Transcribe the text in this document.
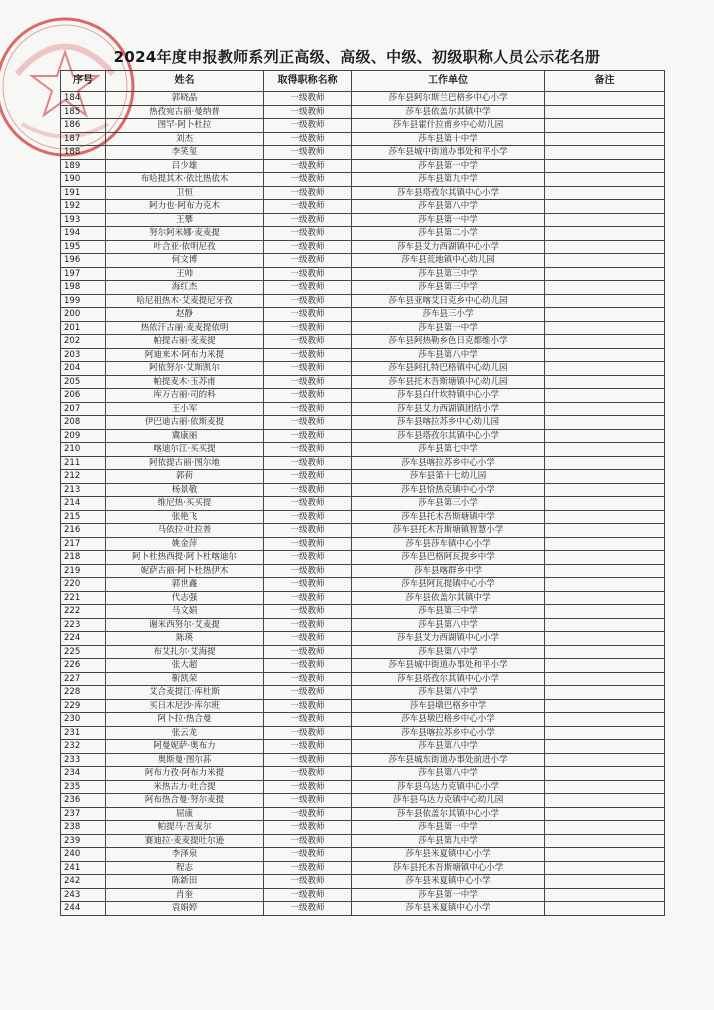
2024年度申报教师系列正高级、高级、中级、初级职称人员公示花名册
序号	姓名	取得职称名称	工作单位	备注
184	郭晓晶	一级教师	莎车县阿尔斯兰巴格乡中心小学	
185	热孜宛古丽·曼纳普	一级教师	莎车县依盖尔其镇中学	
186	图罕·阿卜杜拉	一级教师	莎车县霍什拉甫乡中心幼儿园	
187	刘杰	一级教师	莎车县第十中学	
188	李笑玺	一级教师	莎车县城中街道办事处和平小学	
189	吕少雄	一级教师	莎车县第一中学	
190	布哈提其木·依比热依木	一级教师	莎车县第九中学	
191	卫恒	一级教师	莎车县塔孜尔其镇中心小学	
192	阿力也·阿布力克木	一级教师	莎车县第八中学	
193	王攀	一级教师	莎车县第一中学	
194	努尔阿米娜·麦麦提	一级教师	莎车县第二小学	
195	叶合亚·依明尼孜	一级教师	莎车县艾力西湖镇中心小学	
196	何文博	一级教师	莎车县荒地镇中心幼儿园	
197	王帅	一级教师	莎车县第三中学	
198	海红杰	一级教师	莎车县第三中学	
199	哈尼祖热木·艾麦提尼牙孜	一级教师	莎车县亚喀艾日克乡中心幼儿园	
200	赵静	一级教师	莎车县三小学	
201	热依汗古丽·麦麦提依明	一级教师	莎车县第一中学	
202	帕提古丽·麦麦提	一级教师	莎车县阿热勒乡色日克都维小学	
203	阿迪来木·阿布力米提	一级教师	莎车县第八中学	
204	阿依努尔·艾斯凯尔	一级教师	莎车县阿扎特巴格镇中心幼儿园	
205	帕提麦木·玉苏甫	一级教师	莎车县托木吾斯塘镇中心幼儿园	
206	库万吉丽·司的科	一级教师	莎车县白什坎特镇中心小学	
207	王小军	一级教师	莎车县艾力西湖镇团结小学	
208	伊巴迪古丽·依斯麦提	一级教师	莎车县喀拉苏乡中心幼儿园	
209	冀康丽	一级教师	莎车县塔孜尔其镇中心小学	
210	喀迪尔江·买买提	一级教师	莎车县第七中学	
211	阿依提古丽·图尔地	一级教师	莎车县喀拉苏乡中心小学	
212	郭荷	一级教师	莎车县第十七幼儿园	
213	杨景敬	一级教师	莎车县恰热克镇中心小学	
214	维尼热·买买提	一级教师	莎车县第三小学	
215	张艳飞	一级教师	莎车县托木吾斯塘镇中学	
216	马依拉·吐拉普	一级教师	莎车县托木吾斯塘镇智慧小学	
217	姚金萍	一级教师	莎车县莎车镇中心小学	
218	阿卜杜热西提·阿卜杜喀迪尔	一级教师	莎车县巴格阿瓦提乡中学	
219	妮萨古丽·阿卜杜热伊木	一级教师	莎车县喀群乡中学	
220	郭世鑫	一级教师	莎车县阿瓦提镇中心小学	
221	代志强	一级教师	莎车县依盖尔其镇中学	
222	马文娟	一级教师	莎车县第三中学	
223	谢米西努尔·艾麦提	一级教师	莎车县第八中学	
224	陈瑛	一级教师	莎车县艾力西湖镇中心小学	
225	布艾扎尔·艾海提	一级教师	莎车县第八中学	
226	张大超	一级教师	莎车县城中街道办事处和平小学	
227	靳凯荣	一级教师	莎车县塔孜尔其镇中心小学	
228	艾合麦提江·库杜斯	一级教师	莎车县第八中学	
229	买日木尼沙·库尔班	一级教师	莎车县墩巴格乡中学	
230	阿卜拉·热合曼	一级教师	莎车县墩巴格乡中心小学	
231	张云龙	一级教师	莎车县喀拉苏乡中心小学	
232	阿曼妮萨·奥布力	一级教师	莎车县第八中学	
233	奥斯曼·图尔荪	一级教师	莎车县城东街道办事处前进小学	
234	阿布力孜·阿布力米提	一级教师	莎车县第八中学	
235	米热古力·吐合提	一级教师	莎车县乌达力克镇中心小学	
236	阿布热合曼·努尔麦提	一级教师	莎车县乌达力克镇中心幼儿园	
237	屈康	一级教师	莎车县依盖尔其镇中心小学	
238	帕提马·吾麦尔	一级教师	莎车县第一中学	
239	赛迪拉·麦麦提吐尔逊	一级教师	莎车县第九中学	
240	李泽泉	一级教师	莎车县米夏镇中心小学	
241	程志	一级教师	莎车县托木吾斯塘镇中心小学	
242	陈新田	一级教师	莎车县米夏镇中心小学	
243	肖奎	一级教师	莎车县第一中学	
244	袁娟婷	一级教师	莎车县米夏镇中心小学	
